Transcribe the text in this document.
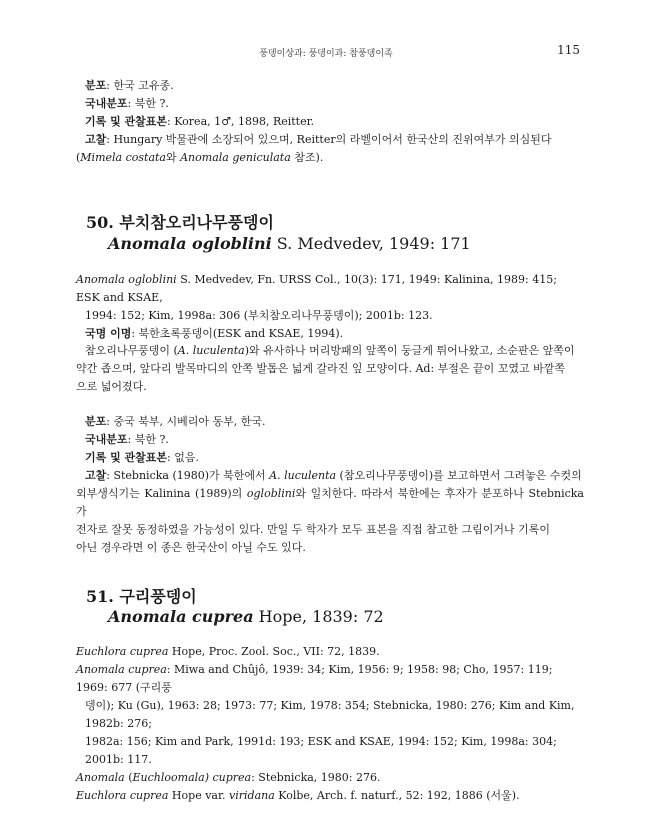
풍뎅이상과: 풍뎅이과: 참풍뎅이족	115

분포: 한국 고유종.

국내분포: 북한 ?.

기록 및 관찰표본: Korea, 1♂, 1898, Reitter.

고찰: Hungary 박물관에 소장되어 있으며, Reitter의 라벨이어서 한국산의 진위여부가 의심된다

(Mimela costata와 Anomala geniculata 참조).

50. 부치참오리나무풍뎅이
Anomala ogloblini S. Medvedev, 1949: 171

Anomala ogloblini S. Medvedev, Fn. URSS Col., 10(3): 171, 1949: Kalinina, 1989: 415; ESK and KSAE,

1994: 152; Kim, 1998a: 306 (부치참오리나무풍뎅이); 2001b: 123.

국명 이명: 북한초록풍뎅이(ESK and KSAE, 1994).

참오리나무풍뎅이 (A. luculenta)와 유사하나 머리방패의 앞쪽이 둥글게 튀어나왔고, 소순판은 앞쪽이

약간 좁으며, 앞다리 발목마디의 안쪽 발톱은 넓게 갈라진 잎 모양이다. Ad: 부절은 끝이 꼬였고 바깥쪽

으로 넓어졌다.

분포: 중국 북부, 시베리아 동부, 한국.

국내분포: 북한 ?.

기록 및 관찰표본: 없음.

고찰: Stebnicka (1980)가 북한에서 A. luculenta (참오리나무풍뎅이)를 보고하면서 그려놓은 수컷의

외부생식기는 Kalinina (1989)의 ogloblini와 일치한다. 따라서 북한에는 후자가 분포하나 Stebnicka가

전자로 잘못 동정하였을 가능성이 있다. 만일 두 학자가 모두 표본을 직접 참고한 그림이거나 기록이

아닌 경우라면 이 종은 한국산이 아닐 수도 있다.

51. 구리풍뎅이
Anomala cuprea Hope, 1839: 72

Euchlora cuprea Hope, Proc. Zool. Soc., VII: 72, 1839.

Anomala cuprea: Miwa and Chûjô, 1939: 34; Kim, 1956: 9; 1958: 98; Cho, 1957: 119; 1969: 677 (구리풍

뎅이); Ku (Gu), 1963: 28; 1973: 77; Kim, 1978: 354; Stebnicka, 1980: 276; Kim and Kim, 1982b: 276;

1982a: 156; Kim and Park, 1991d: 193; ESK and KSAE, 1994: 152; Kim, 1998a: 304; 2001b: 117.

Anomala (Euchloomala) cuprea: Stebnicka, 1980: 276.

Euchlora cuprea Hope var. viridana Kolbe, Arch. f. naturf., 52: 192, 1886 (서울).
